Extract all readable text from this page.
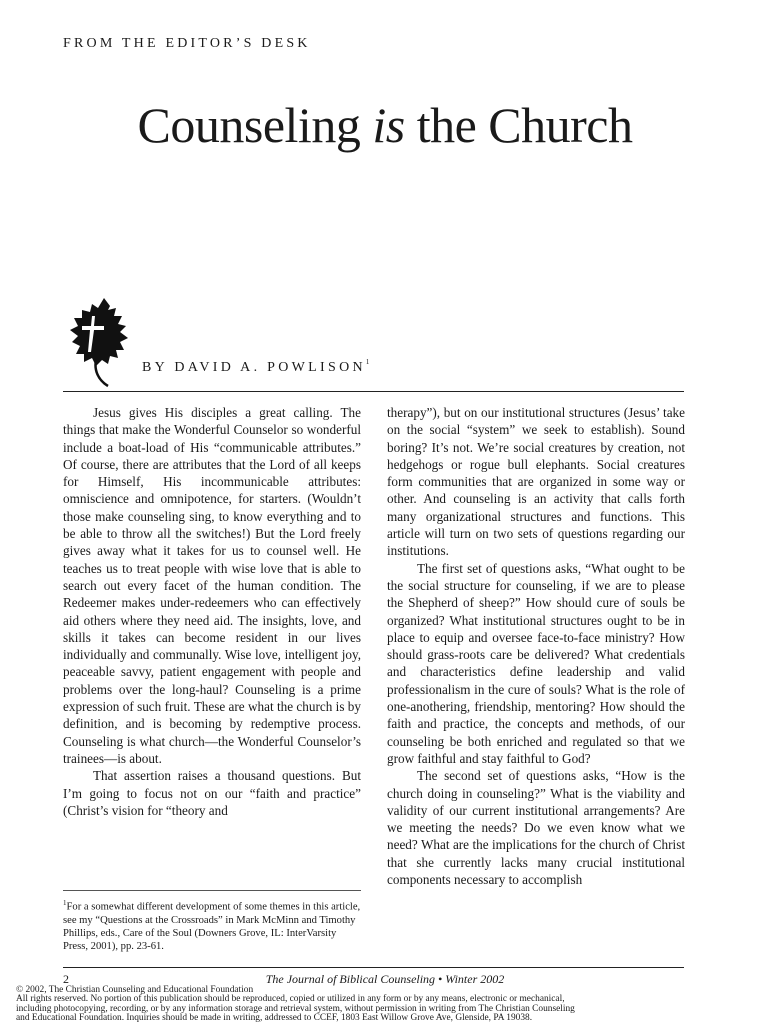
FROM THE EDITOR’S DESK
Counseling is the Church
BY DAVID A. POWLISON$^1$

Jesus gives His disciples a great calling. The things that make the Wonderful Counselor so wonderful include a boat-load of His “communicable attributes.” Of course, there are attributes that the Lord of all keeps for Himself, His incommunicable attributes: omniscience and omnipotence, for starters. (Wouldn’t those make counseling sing, to know everything and to be able to throw all the switches!) But the Lord freely gives away what it takes for us to counsel well. He teaches us to treat people with wise love that is able to search out every facet of the human condition. The Redeemer makes under-redeemers who can effectively aid others where they need aid. The insights, love, and skills it takes can become resident in our lives individually and communally. Wise love, intelligent joy, peaceable savvy, patient engagement with people and problems over the long-haul? Counseling is a prime expression of such fruit. These are what the church is by definition, and is becoming by redemptive process. Counseling is what church—the Wonderful Counselor’s trainees—is about.

That assertion raises a thousand questions. But I’m going to focus not on our “faith and practice” (Christ’s vision for “theory and

therapy”), but on our institutional structures (Jesus’ take on the social “system” we seek to establish). Sound boring? It’s not. We’re social creatures by creation, not hedgehogs or rogue bull elephants. Social creatures form communities that are organized in some way or other. And counseling is an activity that calls forth many organizational structures and functions. This article will turn on two sets of questions regarding our institutions.

The first set of questions asks, “What ought to be the social structure for counseling, if we are to please the Shepherd of sheep?” How should cure of souls be organized? What institutional structures ought to be in place to equip and oversee face-to-face ministry? How should grass-roots care be delivered? What credentials and characteristics define leadership and valid professionalism in the cure of souls? What is the role of one-anothering, friendship, mentoring? How should the faith and practice, the concepts and methods, of our counseling be both enriched and regulated so that we grow faithful and stay faithful to God?

The second set of questions asks, “How is the church doing in counseling?” What is the viability and validity of our current institutional arrangements? Are we meeting the needs? Do we even know what we need? What are the implications for the church of Christ that she currently lacks many crucial institutional components necessary to accomplish

$^1$For a somewhat different development of some themes in this article, see my “Questions at the Crossroads” in Mark McMinn and Timothy Phillips, eds., Care of the Soul (Downers Grove, IL: InterVarsity Press, 2001), pp. 23-61.
2	The Journal of Biblical Counseling • Winter 2002
© 2002, The Christian Counseling and Educational Foundation
All rights reserved. No portion of this publication should be reproduced, copied or utilized in any form or by any means, electronic or mechanical,
including photocopying, recording, or by any information storage and retrieval system, without permission in writing from The Christian Counseling
and Educational Foundation. Inquiries should be made in writing, addressed to CCEF, 1803 East Willow Grove Ave, Glenside, PA 19038.
